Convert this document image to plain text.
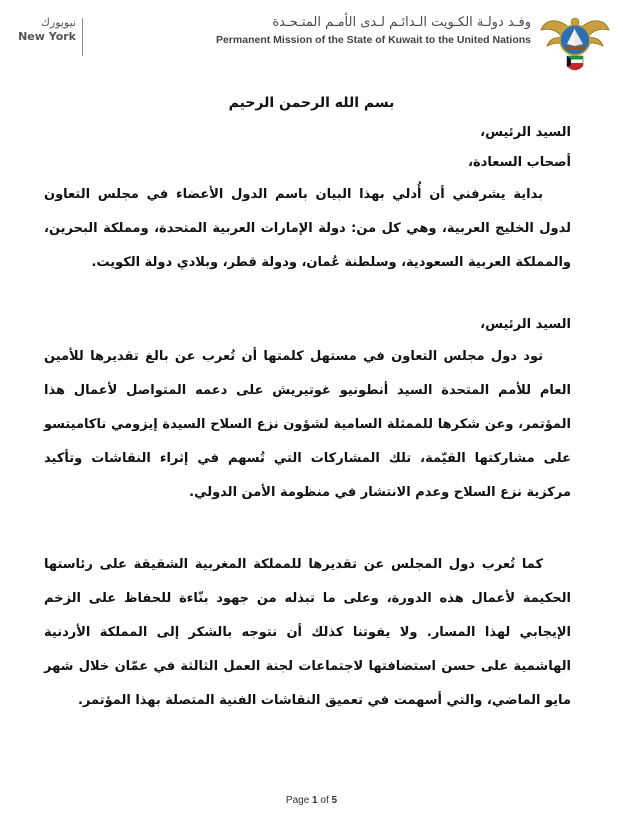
نيويورك
New York
وفـد دولـة الكـويت الـدائـم لـدى الأمـم المتـحـدة
Permanent Mission of the State of Kuwait to the United Nations
بسم الله الرحمن الرحيم

السيد الرئيس،

أصحاب السعادة،

بداية يشرفني أن أُدلي بهذا البيان باسم الدول الأعضاء في مجلس التعاون لدول الخليج العربية، وهي كل من: دولة الإمارات العربية المتحدة، ومملكة البحرين، والمملكة العربية السعودية، وسلطنة عُمان، ودولة قطر، وبلادي دولة الكويت.

السيد الرئيس،

تود دول مجلس التعاون في مستهل كلمتها أن تُعرب عن بالغ تقديرها للأمين العام للأمم المتحدة السيد أنطونيو غوتيريش على دعمه المتواصل لأعمال هذا المؤتمر، وعن شكرها للممثلة السامية لشؤون نزع السلاح السيدة إيزومي ناكاميتسو على مشاركتها القيّمة، تلك المشاركات التي تُسهم في إثراء النقاشات وتأكيد مركزية نزع السلاح وعدم الانتشار في منظومة الأمن الدولي.

كما تُعرب دول المجلس عن تقديرها للمملكة المغربية الشقيقة على رئاستها الحكيمة لأعمال هذه الدورة، وعلى ما تبذله من جهود بنّاءة للحفاظ على الزخم الإيجابي لهذا المسار. ولا يفوتنا كذلك أن نتوجه بالشكر إلى المملكة الأردنية الهاشمية على حسن استضافتها لاجتماعات لجنة العمل الثالثة في عمّان خلال شهر مايو الماضي، والتي أسهمت في تعميق النقاشات الفنية المتصلة بهذا المؤتمر.

Page 1 of 5
